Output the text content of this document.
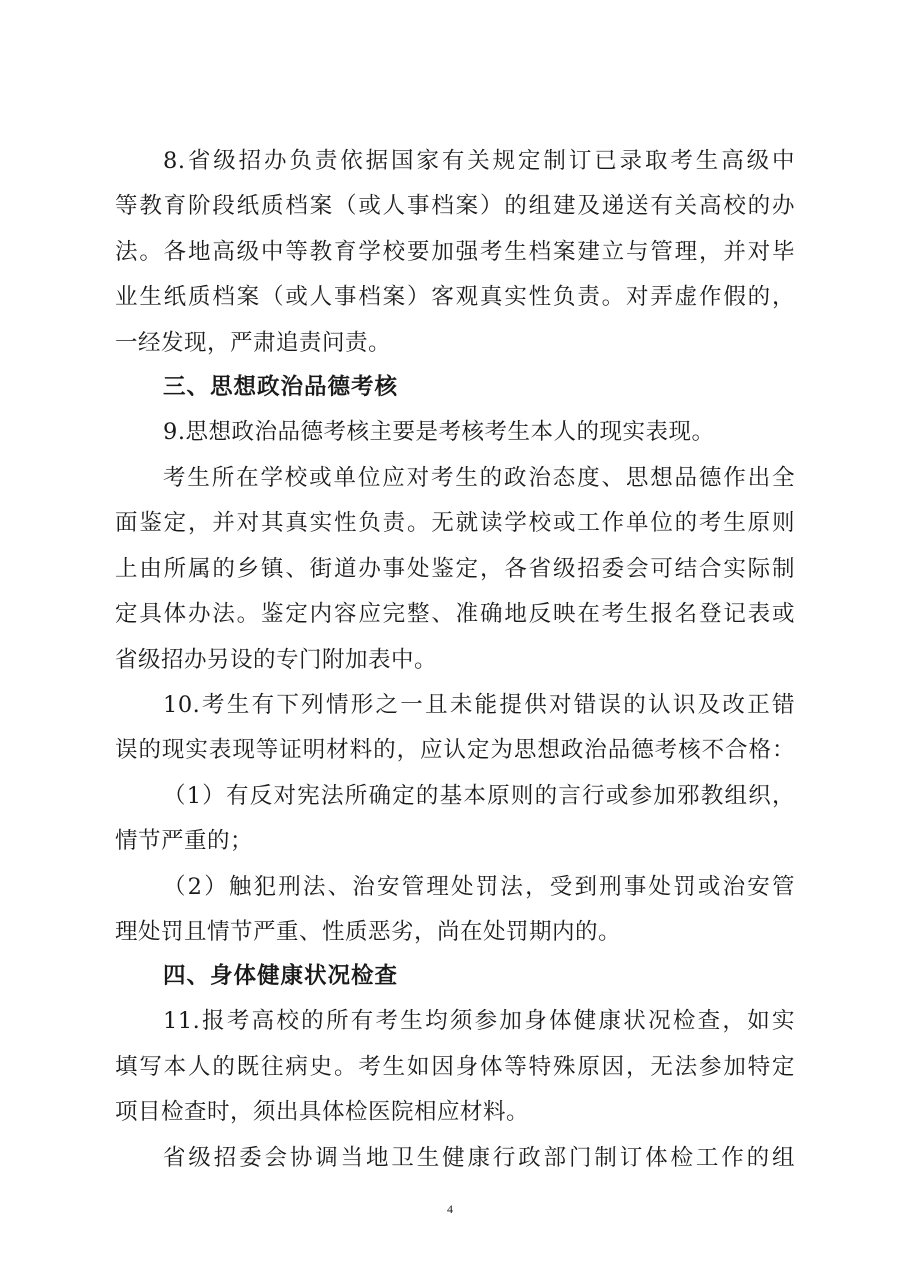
8.省级招办负责依据国家有关规定制订已录取考生高级中
等教育阶段纸质档案（或人事档案）的组建及递送有关高校的办
法。各地高级中等教育学校要加强考生档案建立与管理，并对毕
业生纸质档案（或人事档案）客观真实性负责。对弄虚作假的，
一经发现，严肃追责问责。
三、思想政治品德考核
9.思想政治品德考核主要是考核考生本人的现实表现。
考生所在学校或单位应对考生的政治态度、思想品德作出全
面鉴定，并对其真实性负责。无就读学校或工作单位的考生原则
上由所属的乡镇、街道办事处鉴定，各省级招委会可结合实际制
定具体办法。鉴定内容应完整、准确地反映在考生报名登记表或
省级招办另设的专门附加表中。
10.考生有下列情形之一且未能提供对错误的认识及改正错
误的现实表现等证明材料的，应认定为思想政治品德考核不合格：
（1）有反对宪法所确定的基本原则的言行或参加邪教组织，
情节严重的；
（2）触犯刑法、治安管理处罚法，受到刑事处罚或治安管
理处罚且情节严重、性质恶劣，尚在处罚期内的。
四、身体健康状况检查
11.报考高校的所有考生均须参加身体健康状况检查，如实
填写本人的既往病史。考生如因身体等特殊原因，无法参加特定
项目检查时，须出具体检医院相应材料。
省级招委会协调当地卫生健康行政部门制订体检工作的组
4
